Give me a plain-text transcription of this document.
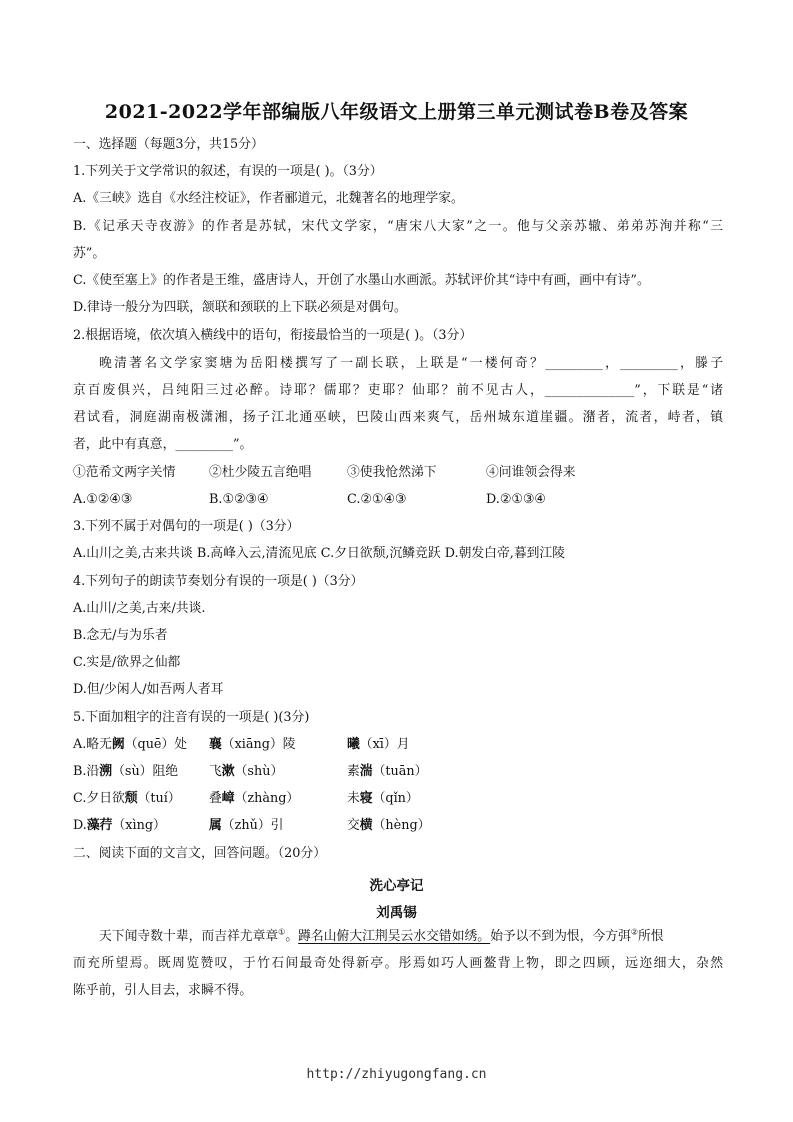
2021-2022学年部编版八年级语文上册第三单元测试卷B卷及答案
一、选择题（每题3分，共15分）
1.下列关于文学常识的叙述，有误的一项是( )。（3分）
A.《三峡》选自《水经注校证》，作者郦道元，北魏著名的地理学家。
B.《记承天寺夜游》的作者是苏轼，宋代文学家，“唐宋八大家”之一。他与父亲苏辙、弟弟苏洵并称“三
苏”。
C.《使至塞上》的作者是王维，盛唐诗人，开创了水墨山水画派。苏轼评价其“诗中有画，画中有诗”。
D.律诗一般分为四联，颔联和颈联的上下联必须是对偶句。
2.根据语境，依次填入横线中的语句，衔接最恰当的一项是( )。（3分）
晚清著名文学家窦塘为岳阳楼撰写了一副长联，上联是“一楼何奇？_________，_________，滕子
京百废俱兴，吕纯阳三过必醉。诗耶？儒耶？吏耶？仙耶？前不见古人，______________”，下联是“诸
君试看，洞庭湖南极潇湘，扬子江北通巫峡，巴陵山西来爽气，岳州城东道崖疆。潴者，流者，峙者，镇
者，此中有真意，_________”。
①范希文两字关情	②杜少陵五言绝唱	③使我怆然涕下	④问谁领会得来
A.①②④③	B.①②③④	C.②①④③	D.②①③④
3.下列不属于对偶句的一项是( )（3分）
A.山川之美,古来共谈 B.高峰入云,清流见底 C.夕日欲颓,沉鳞竞跃 D.朝发白帝,暮到江陵
4.下列句子的朗读节奏划分有误的一项是( )（3分）
A.山川/之美,古来/共谈.
B.念无/与为乐者
C.实是/欲界之仙都
D.但/少闲人/如吾两人者耳
5.下面加粗字的注音有误的一项是( )(3分)
A.略无阙（quē）处 襄（xiāng）陵	曦（xī）月
B.沿溯（sù）阻绝 飞漱（shù）	素湍（tuān）
C.夕日欲颓（tuí） 叠嶂（zhàng）	未寝（qǐn）
D.藻荇（xìng）	属（zhǔ）引	交横（hèng）
二、阅读下面的文言文，回答问题。（20分）
洗心亭记
刘禹锡
天下闻寺数十辈，而吉祥尤章章①。蹲名山俯大江荆吴云水交错如绣。始予以不到为恨，今方弭②所恨
而充所望焉。既周览赞叹，于竹石间最奇处得新亭。彤焉如巧人画鳌背上物，即之四顾，远迩细大，杂然
陈乎前，引人目去，求瞬不得。
http://zhiyugongfang.cn
